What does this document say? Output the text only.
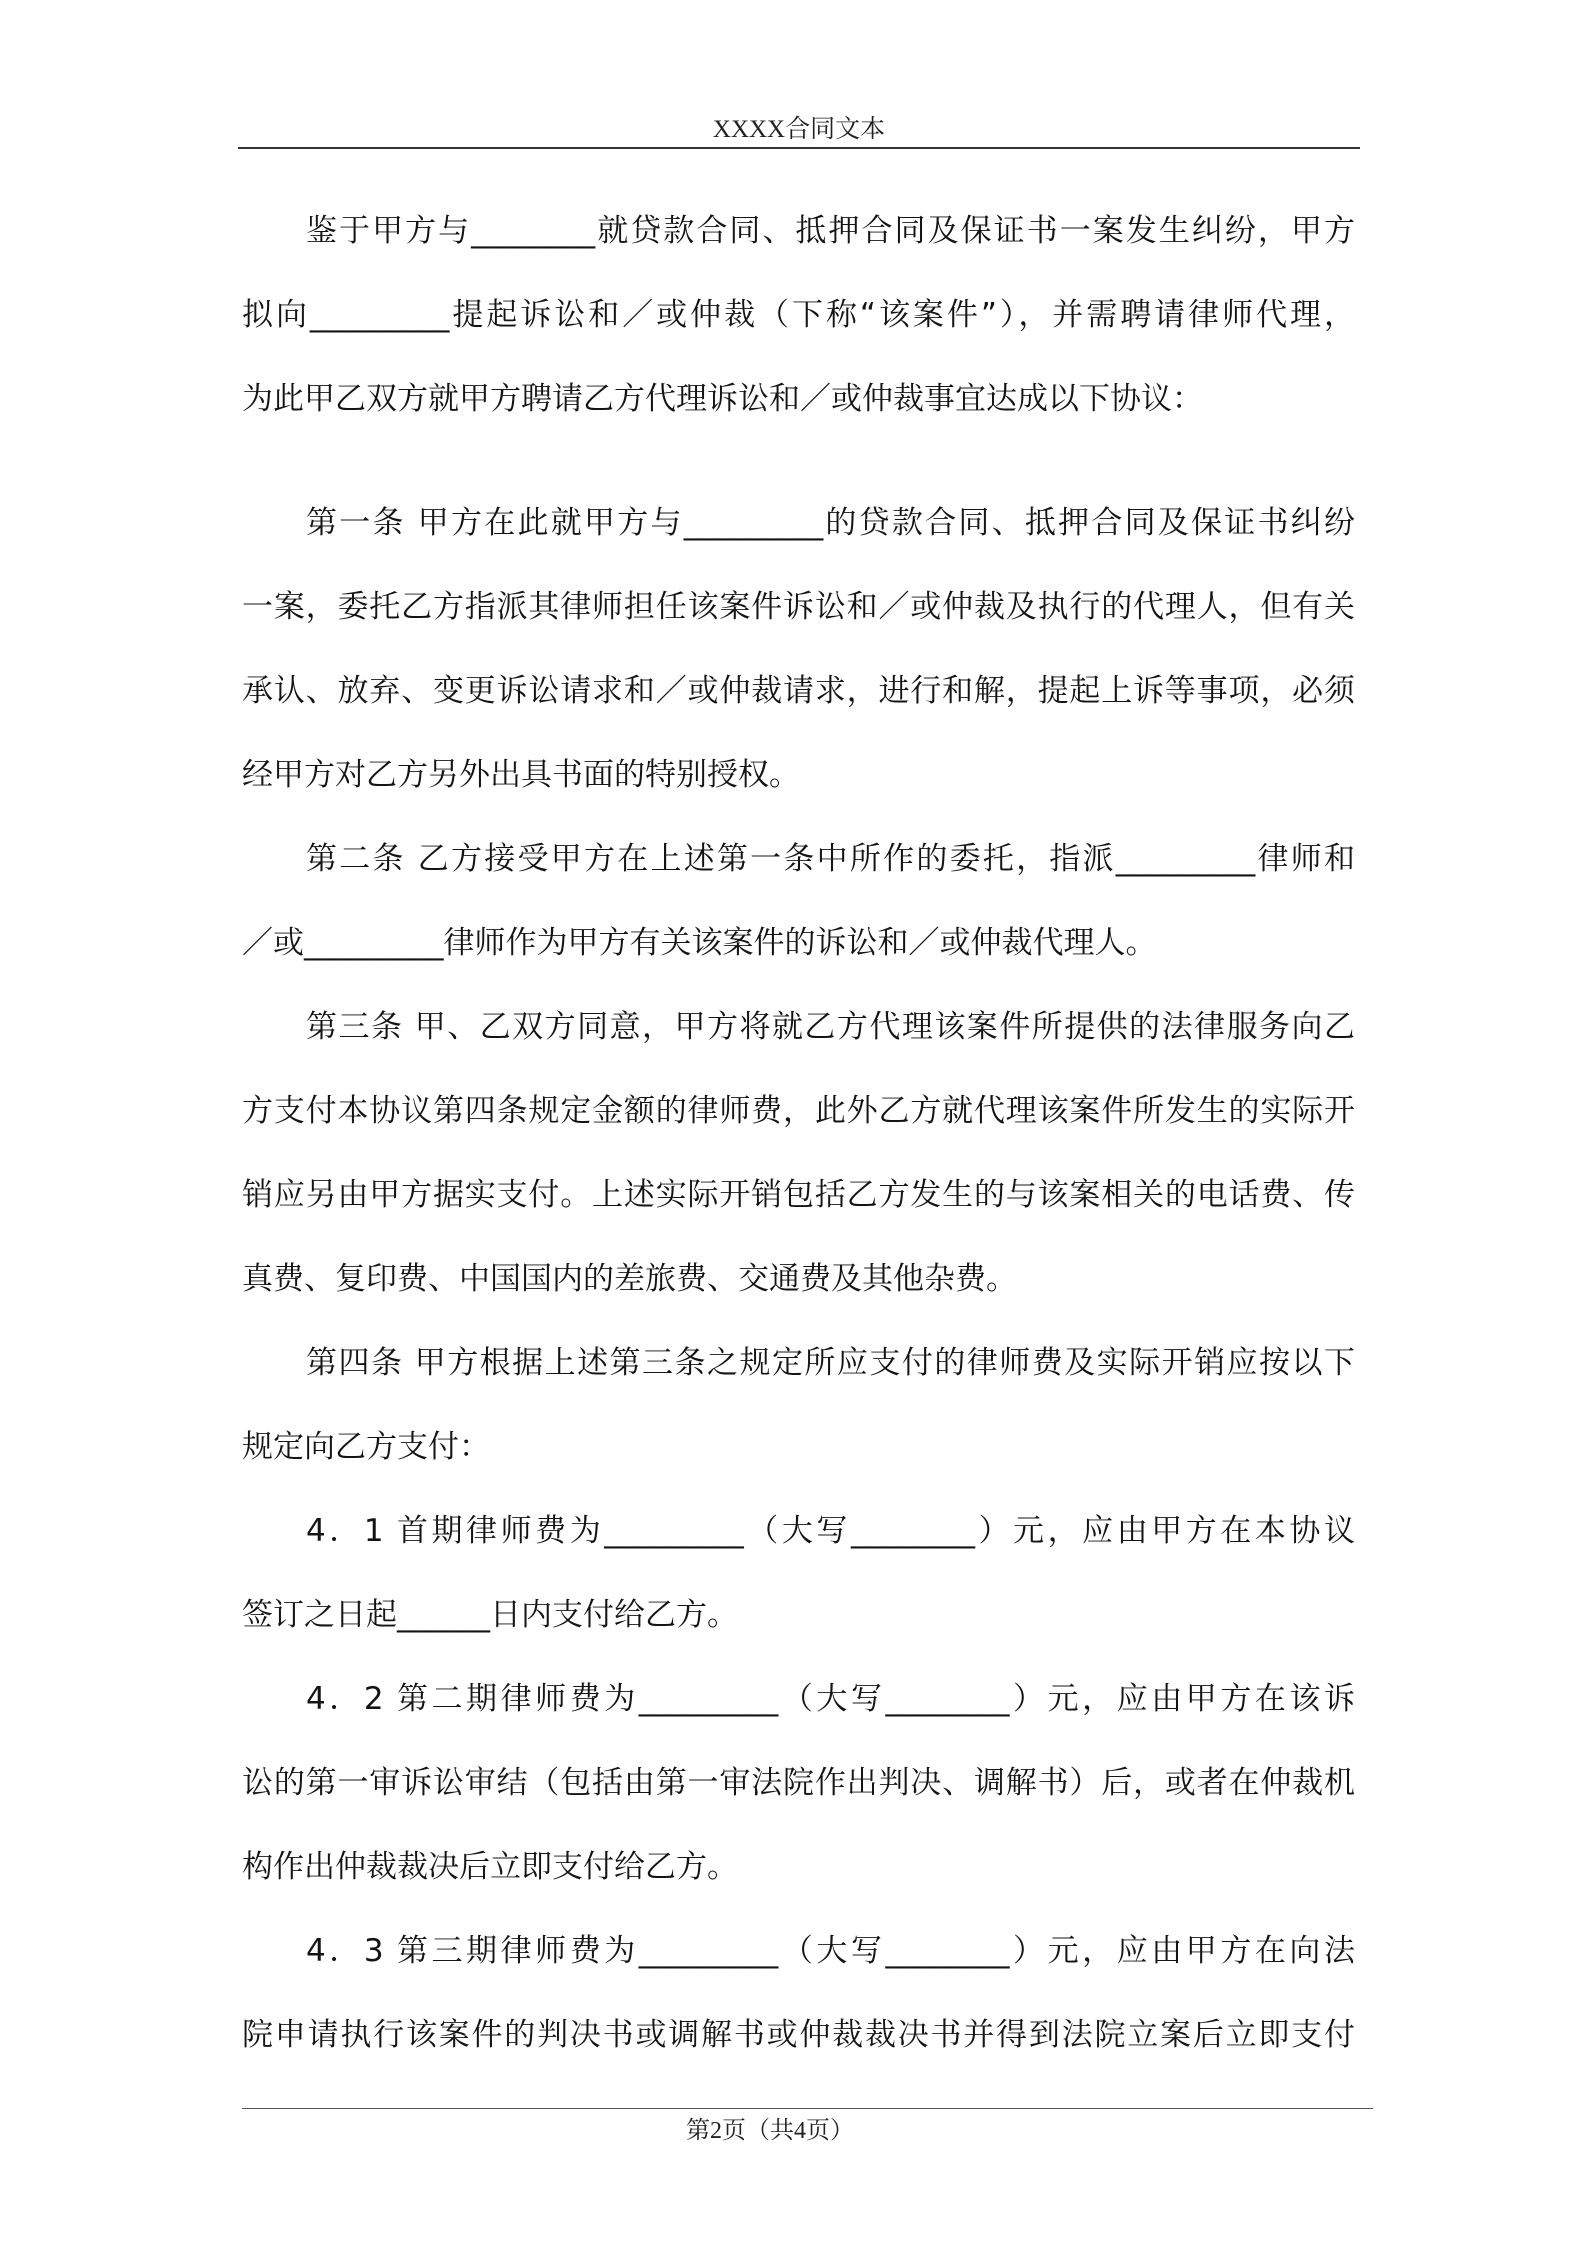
XXXX合同文本
鉴于甲方与________就贷款合同、抵押合同及保证书一案发生纠纷，甲方
拟向_________提起诉讼和／或仲裁（下称“该案件”），并需聘请律师代理，
为此甲乙双方就甲方聘请乙方代理诉讼和／或仲裁事宜达成以下协议：
第一条 甲方在此就甲方与_________的贷款合同、抵押合同及保证书纠纷
一案，委托乙方指派其律师担任该案件诉讼和／或仲裁及执行的代理人，但有关
承认、放弃、变更诉讼请求和／或仲裁请求，进行和解，提起上诉等事项，必须
经甲方对乙方另外出具书面的特别授权。
第二条 乙方接受甲方在上述第一条中所作的委托，指派_________律师和
／或_________律师作为甲方有关该案件的诉讼和／或仲裁代理人。
第三条 甲、乙双方同意，甲方将就乙方代理该案件所提供的法律服务向乙
方支付本协议第四条规定金额的律师费，此外乙方就代理该案件所发生的实际开
销应另由甲方据实支付。上述实际开销包括乙方发生的与该案相关的电话费、传
真费、复印费、中国国内的差旅费、交通费及其他杂费。
第四条 甲方根据上述第三条之规定所应支付的律师费及实际开销应按以下
规定向乙方支付：
4．1 首期律师费为_________（大写________）元，应由甲方在本协议
签订之日起______日内支付给乙方。
4．2 第二期律师费为_________（大写________）元，应由甲方在该诉
讼的第一审诉讼审结（包括由第一审法院作出判决、调解书）后，或者在仲裁机
构作出仲裁裁决后立即支付给乙方。
4．3 第三期律师费为_________（大写________）元，应由甲方在向法
院申请执行该案件的判决书或调解书或仲裁裁决书并得到法院立案后立即支付
第2页（共4页）
